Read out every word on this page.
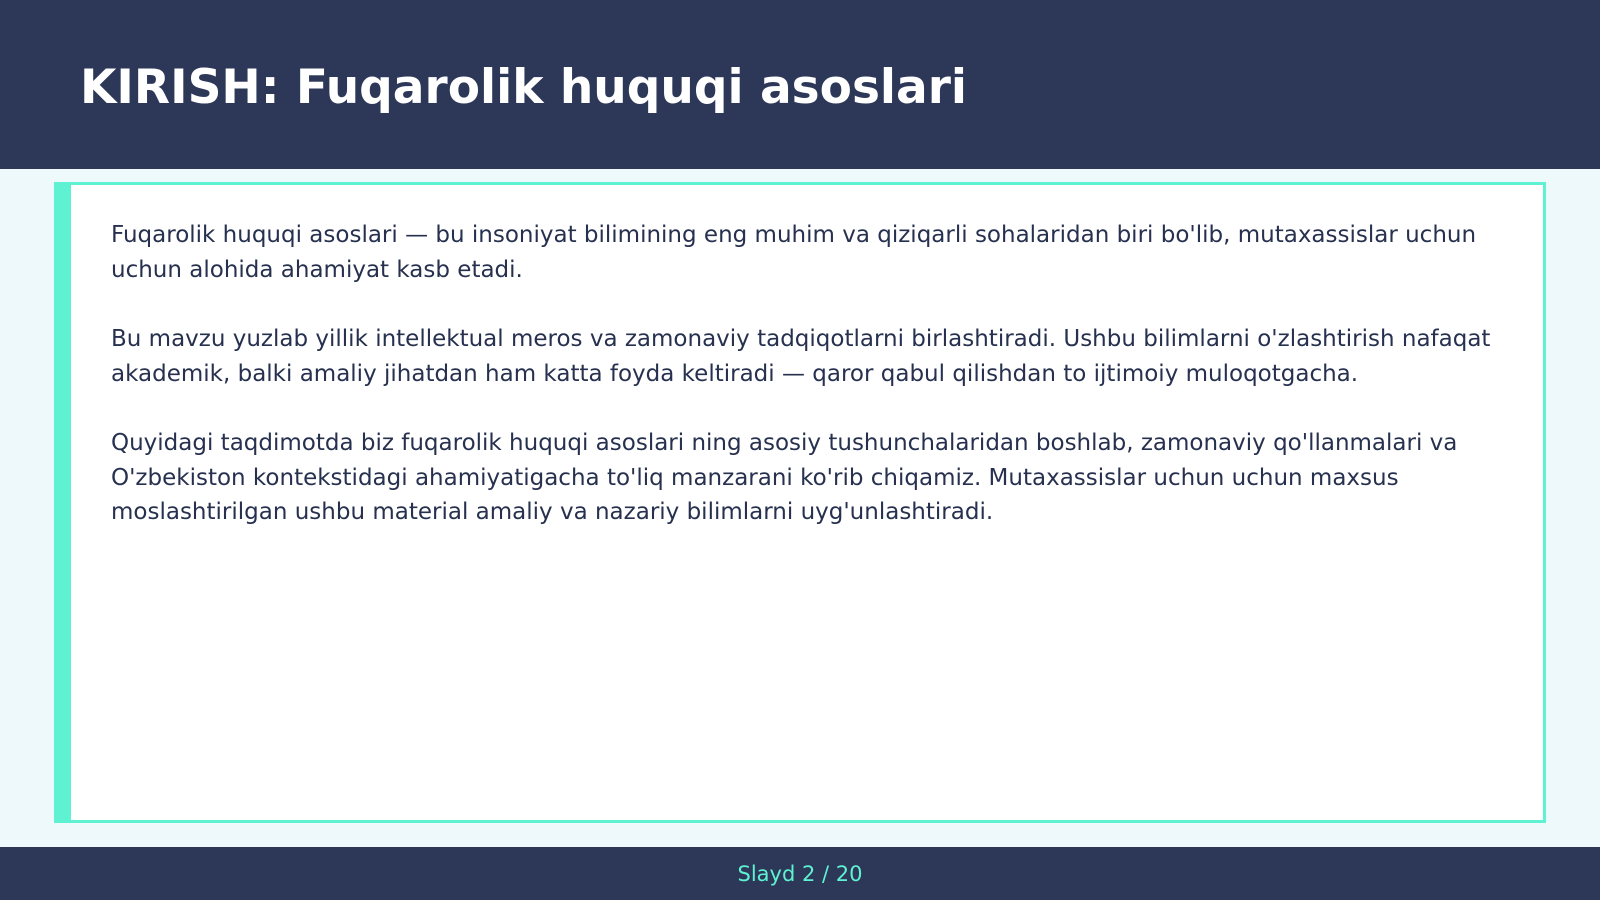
KIRISH: Fuqarolik huquqi asoslari

Fuqarolik huquqi asoslari — bu insoniyat bilimining eng muhim va qiziqarli sohalaridan biri bo'lib, mutaxassislar uchun uchun alohida ahamiyat kasb etadi.

Bu mavzu yuzlab yillik intellektual meros va zamonaviy tadqiqotlarni birlashtiradi. Ushbu bilimlarni o'zlashtirish nafaqat akademik, balki amaliy jihatdan ham katta foyda keltiradi — qaror qabul qilishdan to ijtimoiy muloqotgacha.

Quyidagi taqdimotda biz fuqarolik huquqi asoslari ning asosiy tushunchalaridan boshlab, zamonaviy qo'llanmalari va O'zbekiston kontekstidagi ahamiyatigacha to'liq manzarani ko'rib chiqamiz. Mutaxassislar uchun uchun maxsus moslashtirilgan ushbu material amaliy va nazariy bilimlarni uyg'unlashtiradi.

Slayd 2 / 20
